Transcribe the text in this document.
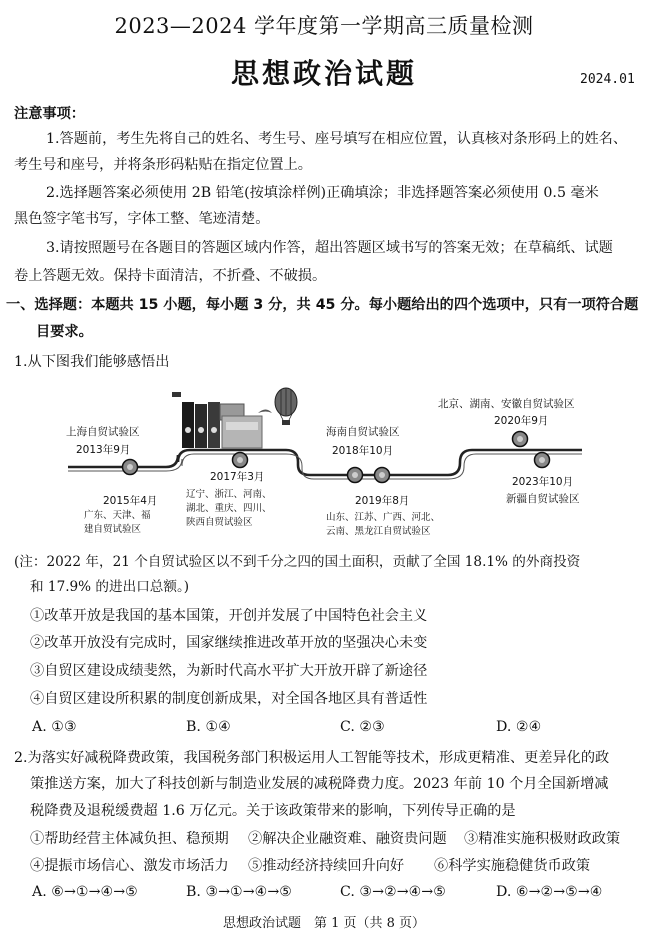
2023—2024 学年度第一学期高三质量检测
思想政治试题	2024.01
注意事项：
1.答题前，考生先将自己的姓名、考生号、座号填写在相应位置，认真核对条形码上的姓名、
考生号和座号，并将条形码粘贴在指定位置上。
2.选择题答案必须使用 2B 铅笔(按填涂样例)正确填涂；非选择题答案必须使用 0.5 毫米
黑色签字笔书写，字体工整、笔迹清楚。
3.请按照题号在各题目的答题区域内作答，超出答题区域书写的答案无效；在草稿纸、试题
卷上答题无效。保持卡面清洁，不折叠、不破损。
一、选择题：本题共 15 小题，每小题 3 分，共 45 分。每小题给出的四个选项中，只有一项符合题
目要求。
1.从下图我们能够感悟出
上海自贸试验区
2013年9月
2015年4月
广东、天津、福
建自贸试验区
2017年3月
辽宁、浙江、河南、
湖北、重庆、四川、
陕西自贸试验区
海南自贸试验区
2018年10月
2019年8月
山东、江苏、广西、河北、
云南、黑龙江自贸试验区
北京、湖南、安徽自贸试验区
2020年9月
2023年10月
新疆自贸试验区
(注：2022 年，21 个自贸试验区以不到千分之四的国土面积，贡献了全国 18.1% 的外商投资
和 17.9% 的进出口总额。)
①改革开放是我国的基本国策，开创并发展了中国特色社会主义
②改革开放没有完成时，国家继续推进改革开放的坚强决心未变
③自贸区建设成绩斐然，为新时代高水平扩大开放开辟了新途径
④自贸区建设所积累的制度创新成果，对全国各地区具有普适性
A. ①③	B. ①④	C. ②③	D. ②④
2.为落实好减税降费政策，我国税务部门积极运用人工智能等技术，形成更精准、更差异化的政
策推送方案，加大了科技创新与制造业发展的减税降费力度。2023 年前 10 个月全国新增减
税降费及退税缓费超 1.6 万亿元。关于该政策带来的影响，下列传导正确的是
①帮助经营主体减负担、稳预期 ②解决企业融资难、融资贵问题 ③精准实施积极财政政策
④提振市场信心、激发市场活力 ⑤推动经济持续回升向好 ⑥科学实施稳健货币政策
A. ⑥→①→④→⑤	B. ③→①→④→⑤	C. ③→②→④→⑤	D. ⑥→②→⑤→④
思想政治试题　第 1 页（共 8 页）
